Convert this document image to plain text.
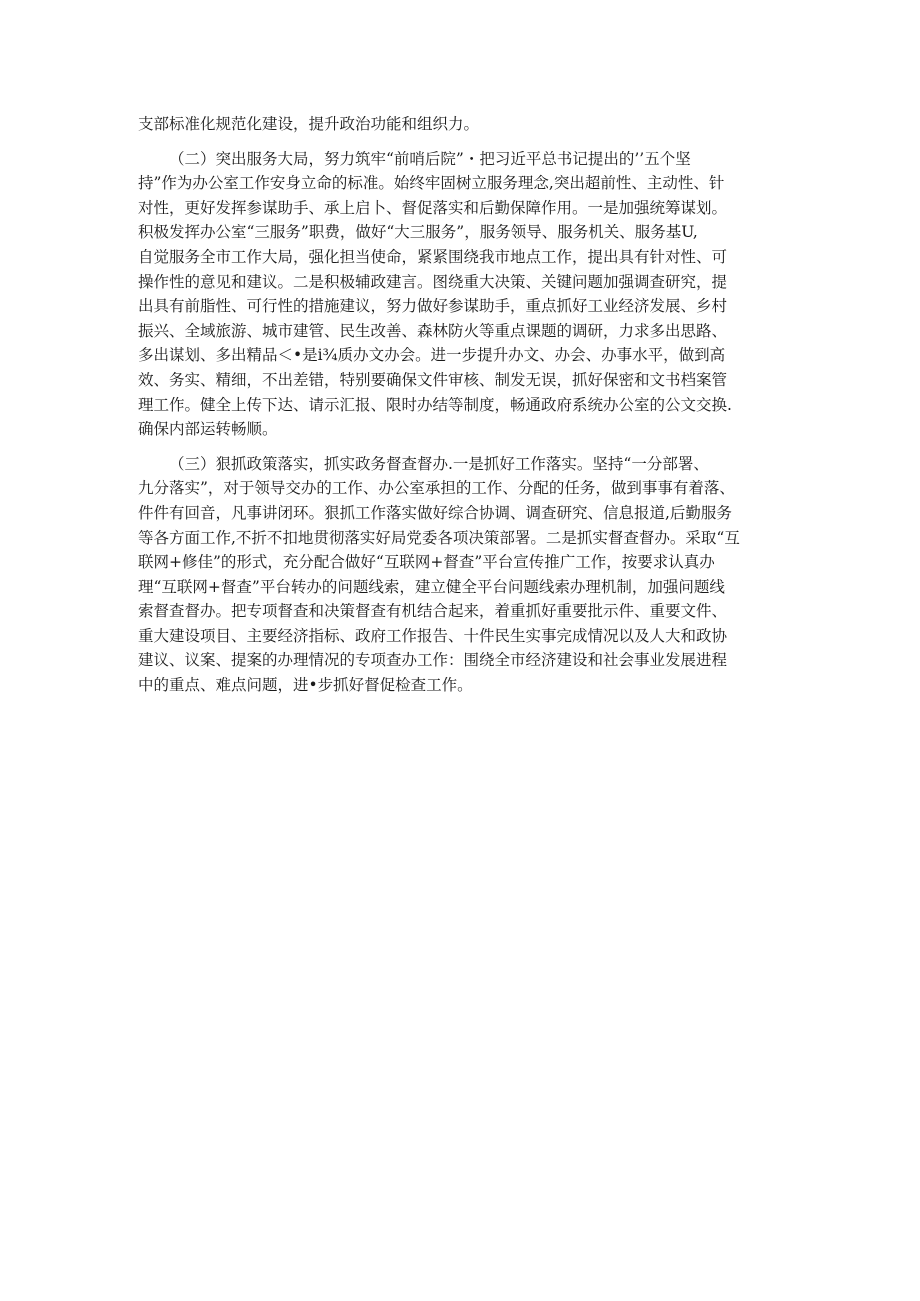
支部标准化规范化建设，提升政治功能和组织力。
（二）突出服务大局，努力筑牢“前哨后院”・把习近平总书记提出的’’五个坚
持”作为办公室工作安身立命的标准。始终牢固树立服务理念,突出超前性、主动性、针
对性，更好发挥参谋助手、承上启卜、督促落实和后勤保障作用。一是加强统筹谋划。
积极发挥办公室“三服务”职费，做好“大三服务”，服务领导、服务机关、服务基U,
自觉服务全市工作大局，强化担当使命，紧紧围绕我市地点工作，提出具有针对性、可
操作性的意见和建议。二是积极辅政建言。图绕重大决策、关键问题加强调查研究，提
出具有前脂性、可行性的措施建议，努力做好参谋助手，重点抓好工业经济发展、乡村
振兴、全域旅游、城市建管、民生改善、森林防火等重点课题的调研，力求多出思路、
多出谋划、多出精品＜•是i¾质办文办会。进一步提升办文、办会、办事水平，做到高
效、务实、精细，不出差错，特别要确保文件审核、制发无误，抓好保密和文书档案管
理工作。健全上传下达、请示汇报、限时办结等制度，畅通政府系统办公室的公文交换.
确保内部运转畅顺。
（三）狠抓政策落实，抓实政务督查督办.一是抓好工作落实。坚持“一分部署、
九分落实”，对于领导交办的工作、办公室承担的工作、分配的任务，做到事事有着落、
件件有回音，凡事讲闭环。狠抓工作落实做好综合协调、调查研究、信息报道,后勤服务
等各方面工作,不折不扣地贯彻落实好局党委各项决策部署。二是抓实督查督办。采取“互
联网+修佳”的形式，充分配合做好“互联网+督查”平台宣传推广工作，按要求认真办
理“互联网+督查”平台转办的问题线索，建立健全平台问题线索办理机制，加强问题线
索督查督办。把专项督查和决策督查有机结合起来，着重抓好重要批示件、重要文件、
重大建设项目、主要经济指标、政府工作报告、十件民生实事完成情况以及人大和政协
建议、议案、提案的办理情况的专项查办工作：围绕全市经济建设和社会事业发展进程
中的重点、难点问题，进•步抓好督促检查工作。
